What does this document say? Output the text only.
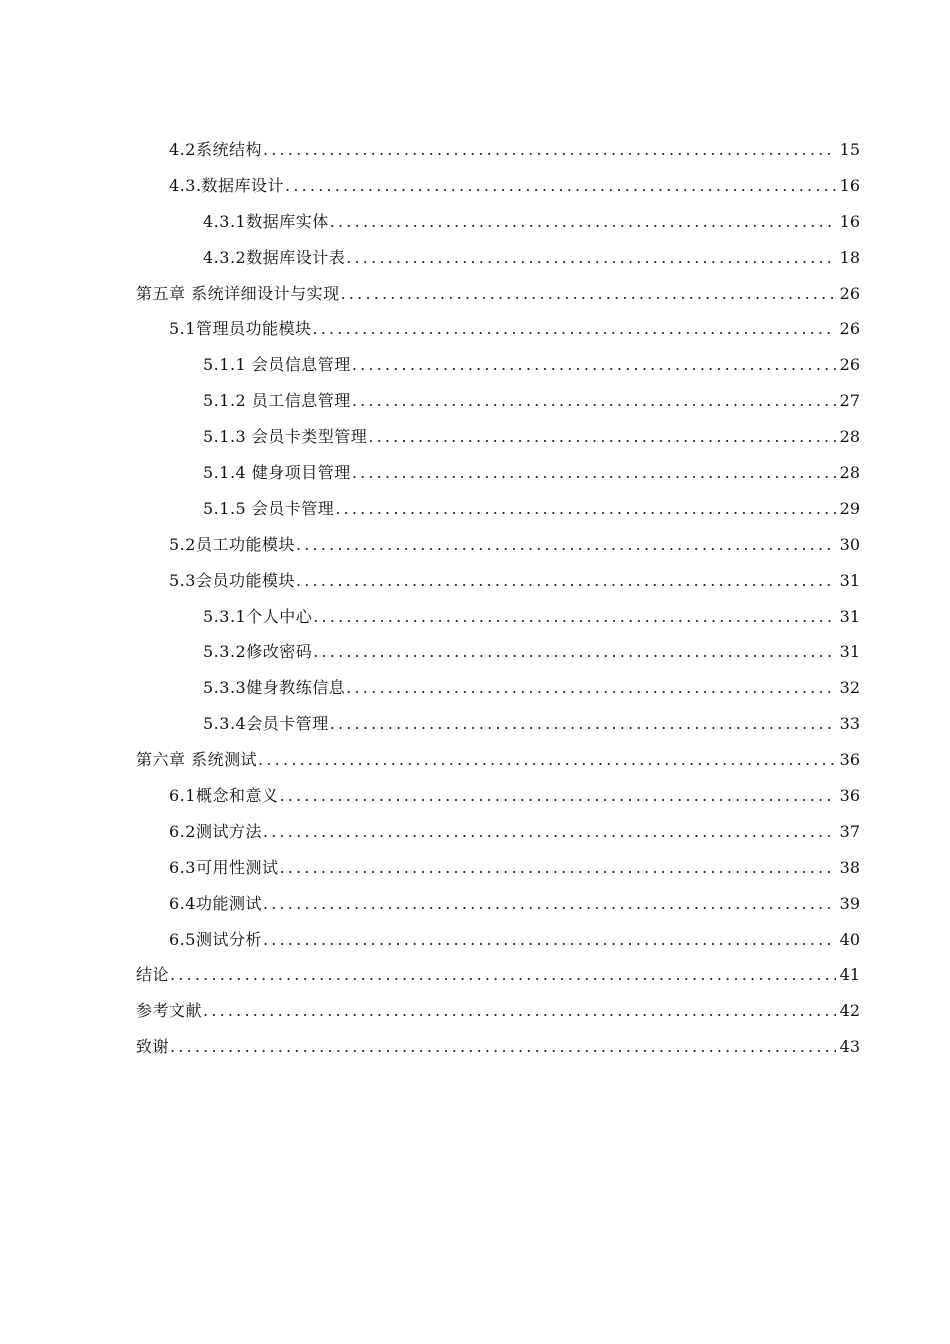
4.2系统结构 .....	15
4.3.数据库设计 .....	16
4.3.1数据库实体 .....	16
4.3.2数据库设计表 .....	18
第五章 系统详细设计与实现 .....	26
5.1管理员功能模块 .....	26
5.1.1 会员信息管理 .....	26
5.1.2 员工信息管理 .....	27
5.1.3 会员卡类型管理 .....	28
5.1.4 健身项目管理 .....	28
5.1.5 会员卡管理 .....	29
5.2员工功能模块 .....	30
5.3会员功能模块 .....	31
5.3.1个人中心 .....	31
5.3.2修改密码 .....	31
5.3.3健身教练信息 .....	32
5.3.4会员卡管理 .....	33
第六章 系统测试 .....	36
6.1概念和意义 .....	36
6.2测试方法 .....	37
6.3可用性测试 .....	38
6.4功能测试 .....	39
6.5测试分析 .....	40
结论 .....	41
参考文献 .....	42
致谢 .....	43
